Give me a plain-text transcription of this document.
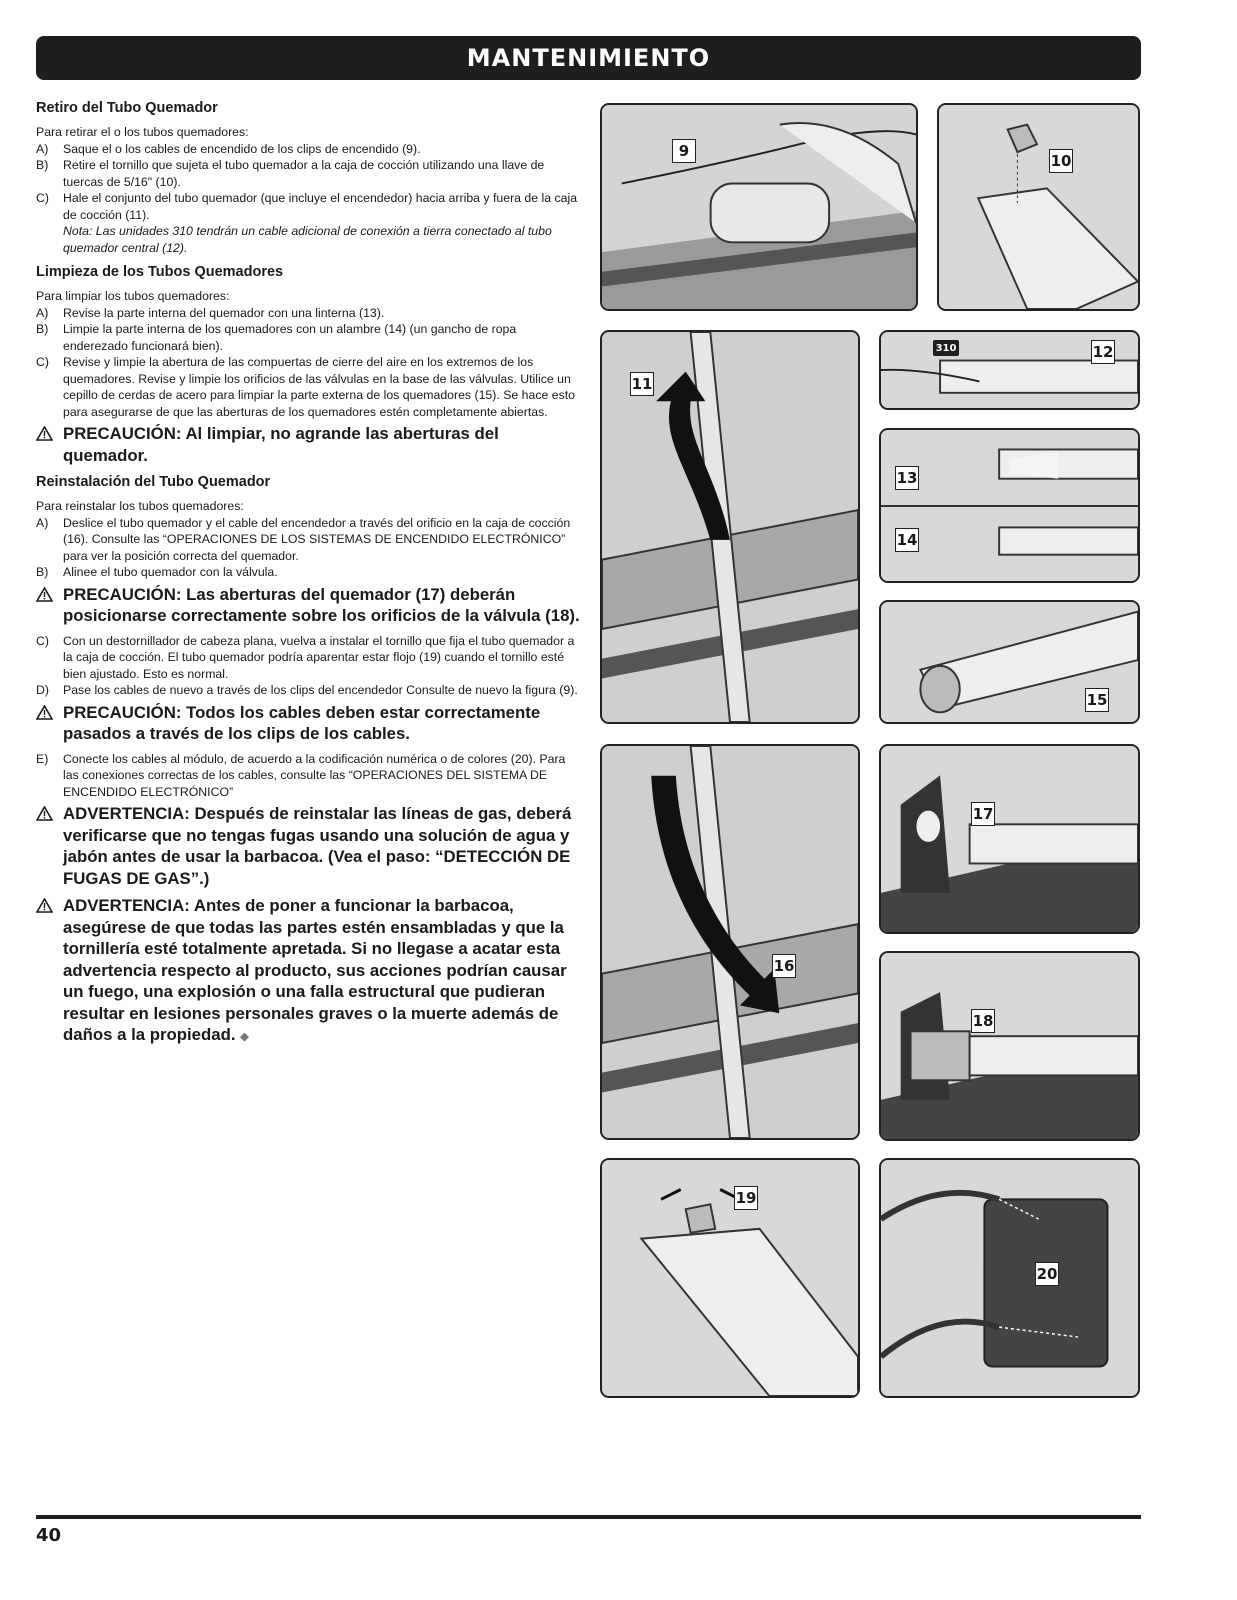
MANTENIMIENTO
Retiro del Tubo Quemador
Para retirar el o los tubos quemadores:
A)	Saque el o los cables de encendido de los clips de encendido (9).
B)	Retire el tornillo que sujeta el tubo quemador a la caja de cocción utilizando una llave de tuercas de 5/16" (10).
C)	Hale el conjunto del tubo quemador (que incluye el encendedor) hacia arriba y fuera de la caja de cocción (11).
Nota: Las unidades 310 tendrán un cable adicional de conexión a tierra conectado al tubo quemador central (12).
Limpieza de los Tubos Quemadores
Para limpiar los tubos quemadores:
A)	Revise la parte interna del quemador con una linterna (13).
B)	Limpie la parte interna de los quemadores con un alambre (14) (un gancho de ropa enderezado funcionará bien).
C)	Revise y limpie la abertura de las compuertas de cierre del aire en los extremos de los quemadores. Revise y limpie los orificios de las válvulas en la base de las válvulas. Utilice un cepillo de cerdas de acero para limpiar la parte externa de los quemadores (15). Se hace esto para asegurarse de que las aberturas de los quemadores estén completamente abiertas.
PRECAUCIÓN: Al limpiar, no agrande las aberturas del quemador.
Reinstalación del Tubo Quemador
Para reinstalar los tubos quemadores:
A)	Deslice el tubo quemador y el cable del encendedor a través del orificio en la caja de cocción (16). Consulte las “OPERACIONES DE LOS SISTEMAS DE ENCENDIDO ELECTRÓNICO” para ver la posición correcta del quemador.
B)	Alinee el tubo quemador con la válvula.
PRECAUCIÓN: Las aberturas del quemador (17) deberán posicionarse correctamente sobre los orificios de la válvula (18).
C)	Con un destornillador de cabeza plana, vuelva a instalar el tornillo que fija el tubo quemador a la caja de cocción. El tubo quemador podría aparentar estar flojo (19) cuando el tornillo esté bien ajustado. Esto es normal.
D)	Pase los cables de nuevo a través de los clips del encendedor Consulte de nuevo la figura (9).
PRECAUCIÓN: Todos los cables deben estar correctamente pasados a través de los clips de los cables.
E)	Conecte los cables al módulo, de acuerdo a la codificación numérica o de colores (20). Para las conexiones correctas de los cables, consulte las “OPERACIONES DEL SISTEMA DE ENCENDIDO ELECTRÓNICO”
ADVERTENCIA: Después de reinstalar las líneas de gas, deberá verificarse que no tengas fugas usando una solución de agua y jabón antes de usar la barbacoa. (Vea el paso: “DETECCIÓN DE FUGAS DE GAS”.)
ADVERTENCIA: Antes de poner a funcionar la barbacoa, asegúrese de que todas las partes estén ensambladas y que la tornillería esté totalmente apretada. Si no llegase a acatar esta advertencia respecto al producto, sus acciones podrían causar un fuego, una explosión o una falla estructural que pudieran resultar en lesiones personales graves o la muerte además de daños a la propiedad. ◆
9
10
11
310	12
13
14
15
16
17
18
19
20
40
